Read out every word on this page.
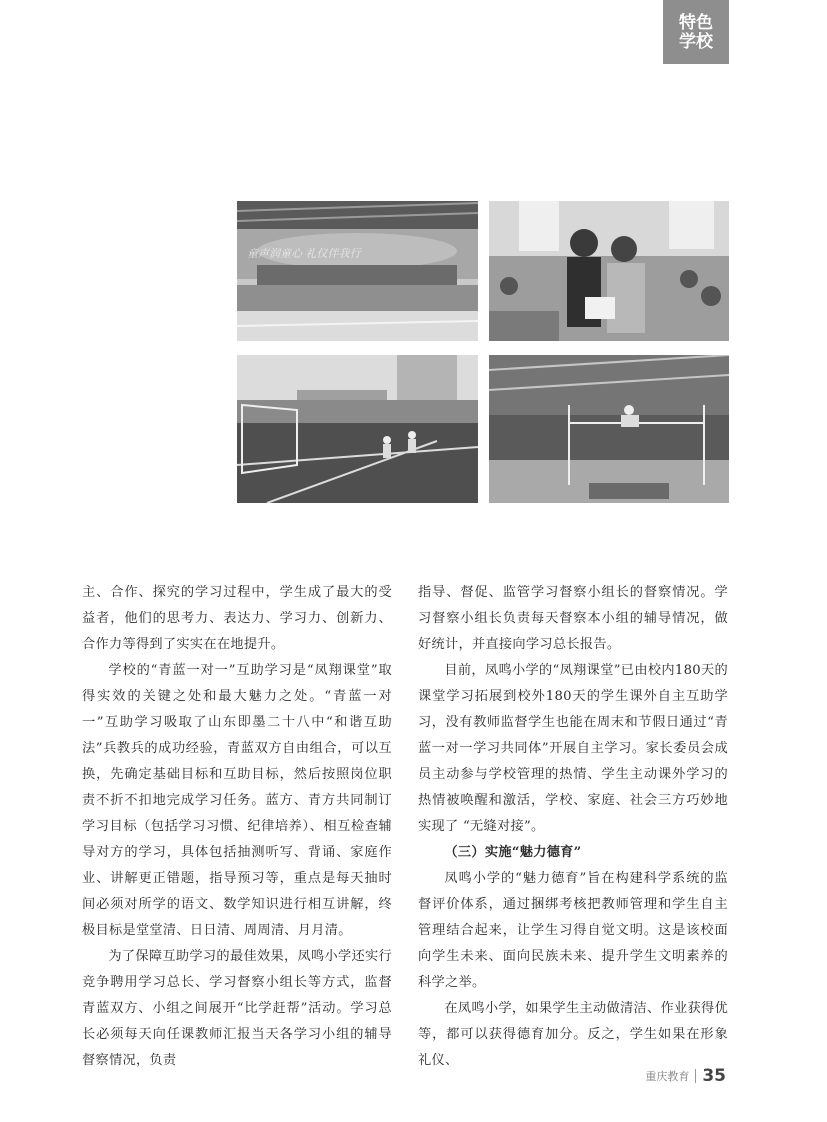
特色
学校
童声润童心 礼仪伴我行

主、合作、探究的学习过程中，学生成了最大的受益者，他们的思考力、表达力、学习力、创新力、合作力等得到了实实在在地提升。

学校的“青蓝一对一”互助学习是“凤翔课堂”取得实效的关键之处和最大魅力之处。“青蓝一对一”互助学习吸取了山东即墨二十八中“和谐互助法”兵教兵的成功经验，青蓝双方自由组合，可以互换，先确定基础目标和互助目标，然后按照岗位职责不折不扣地完成学习任务。蓝方、青方共同制订学习目标（包括学习习惯、纪律培养）、相互检查辅导对方的学习，具体包括抽测听写、背诵、家庭作业、讲解更正错题，指导预习等，重点是每天抽时间必须对所学的语文、数学知识进行相互讲解，终极目标是堂堂清、日日清、周周清、月月清。

为了保障互助学习的最佳效果，凤鸣小学还实行竞争聘用学习总长、学习督察小组长等方式，监督青蓝双方、小组之间展开“比学赶帮”活动。学习总长必须每天向任课教师汇报当天各学习小组的辅导督察情况，负责

指导、督促、监管学习督察小组长的督察情况。学习督察小组长负责每天督察本小组的辅导情况，做好统计，并直接向学习总长报告。

目前，凤鸣小学的“凤翔课堂”已由校内180天的课堂学习拓展到校外180天的学生课外自主互助学习，没有教师监督学生也能在周末和节假日通过“青蓝一对一学习共同体”开展自主学习。家长委员会成员主动参与学校管理的热情、学生主动课外学习的热情被唤醒和激活，学校、家庭、社会三方巧妙地实现了 “无缝对接”。

（三）实施“魅力德育”

凤鸣小学的“魅力德育”旨在构建科学系统的监督评价体系，通过捆绑考核把教师管理和学生自主管理结合起来，让学生习得自觉文明。这是该校面向学生未来、面向民族未来、提升学生文明素养的科学之举。

在凤鸣小学，如果学生主动做清洁、作业获得优等，都可以获得德育加分。反之，学生如果在形象礼仪、

重庆教育 35
